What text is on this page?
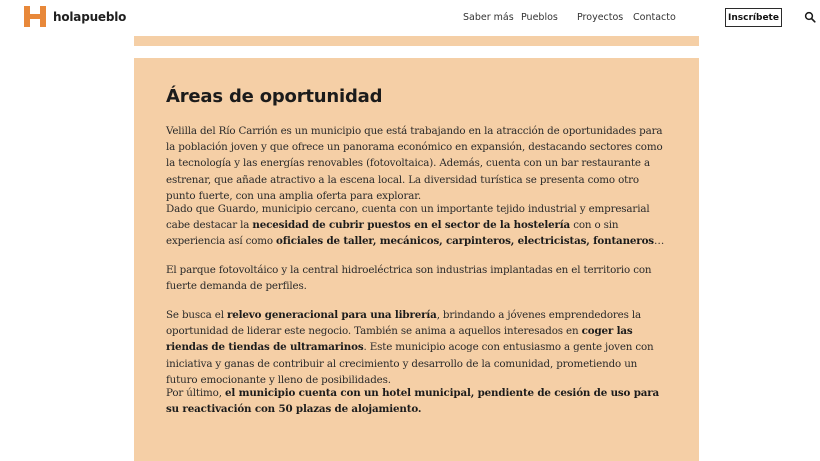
holapueblo	Saber más Pueblos Proyectos Contacto	Inscríbete
Áreas de oportunidad

Velilla del Río Carrión es un municipio que está trabajando en la atracción de oportunidades para la población joven y que ofrece un panorama económico en expansión, destacando sectores como la tecnología y las energías renovables (fotovoltaica). Además, cuenta con un bar restaurante a estrenar, que añade atractivo a la escena local. La diversidad turística se presenta como otro punto fuerte, con una amplia oferta para explorar.

Dado que Guardo, municipio cercano, cuenta con un importante tejido industrial y empresarial cabe destacar la necesidad de cubrir puestos en el sector de la hostelería con o sin experiencia así como oficiales de taller, mecánicos, carpinteros, electricistas, fontaneros…

El parque fotovoltáico y la central hidroeléctrica son industrias implantadas en el territorio con fuerte demanda de perfiles.

Se busca el relevo generacional para una librería, brindando a jóvenes emprendedores la oportunidad de liderar este negocio. También se anima a aquellos interesados en coger las riendas de tiendas de ultramarinos. Este municipio acoge con entusiasmo a gente joven con iniciativa y ganas de contribuir al crecimiento y desarrollo de la comunidad, prometiendo un futuro emocionante y lleno de posibilidades.

Por último, el municipio cuenta con un hotel municipal, pendiente de cesión de uso para su reactivación con 50 plazas de alojamiento.
